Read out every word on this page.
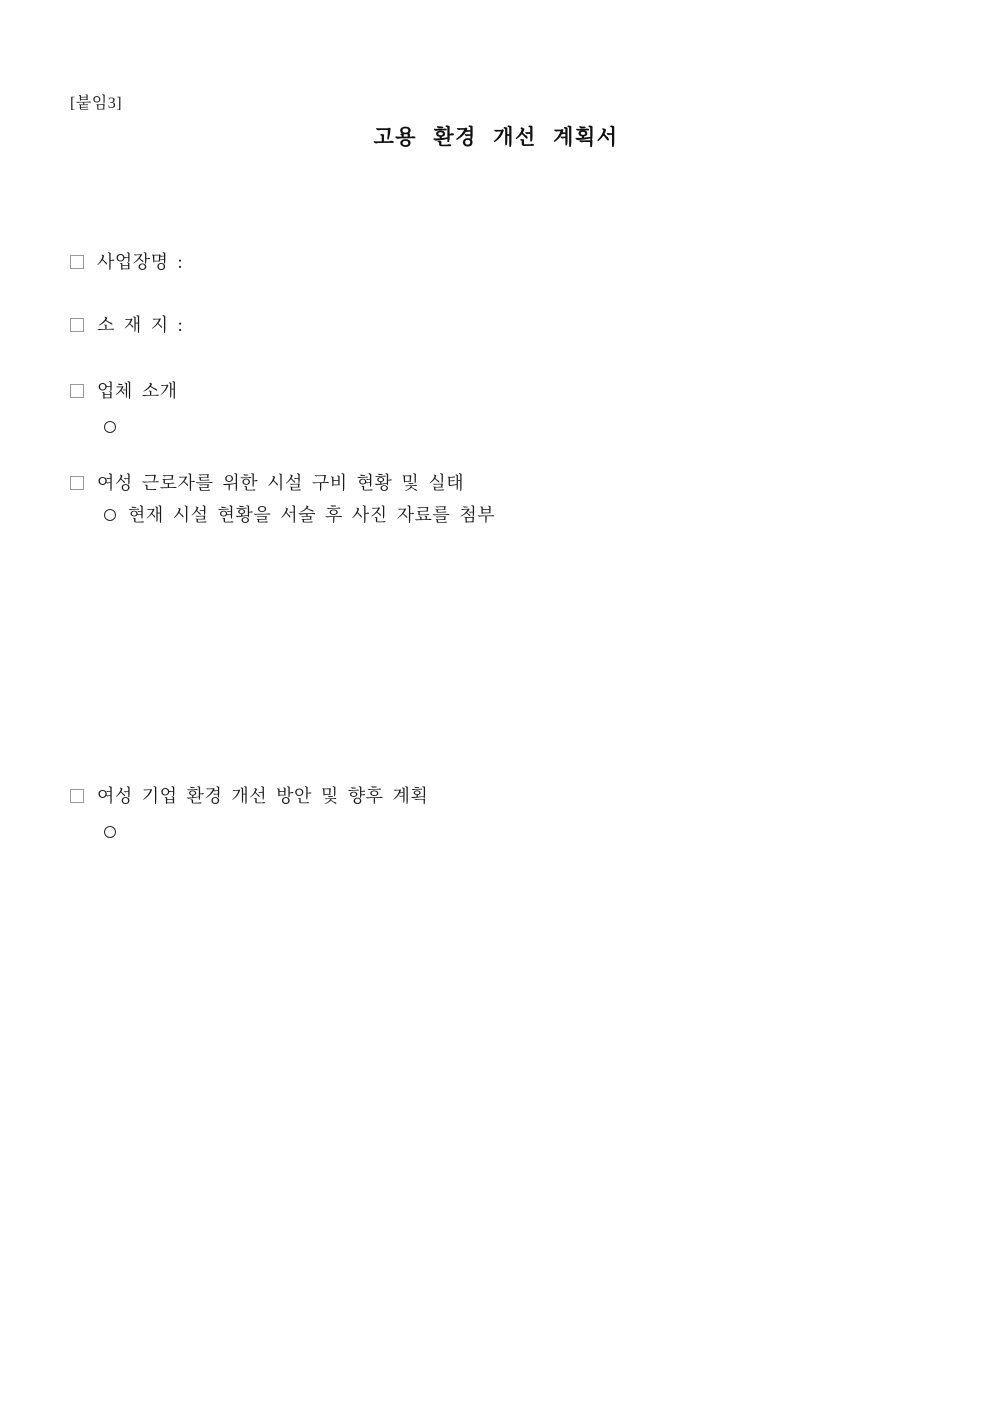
[붙임3]
고용 환경 개선 계획서
사업장명 :
소 재 지 :
업체 소개
여성 근로자를 위한 시설 구비 현황 및 실태
현재 시설 현황을 서술 후 사진 자료를 첨부
여성 기업 환경 개선 방안 및 향후 계획
